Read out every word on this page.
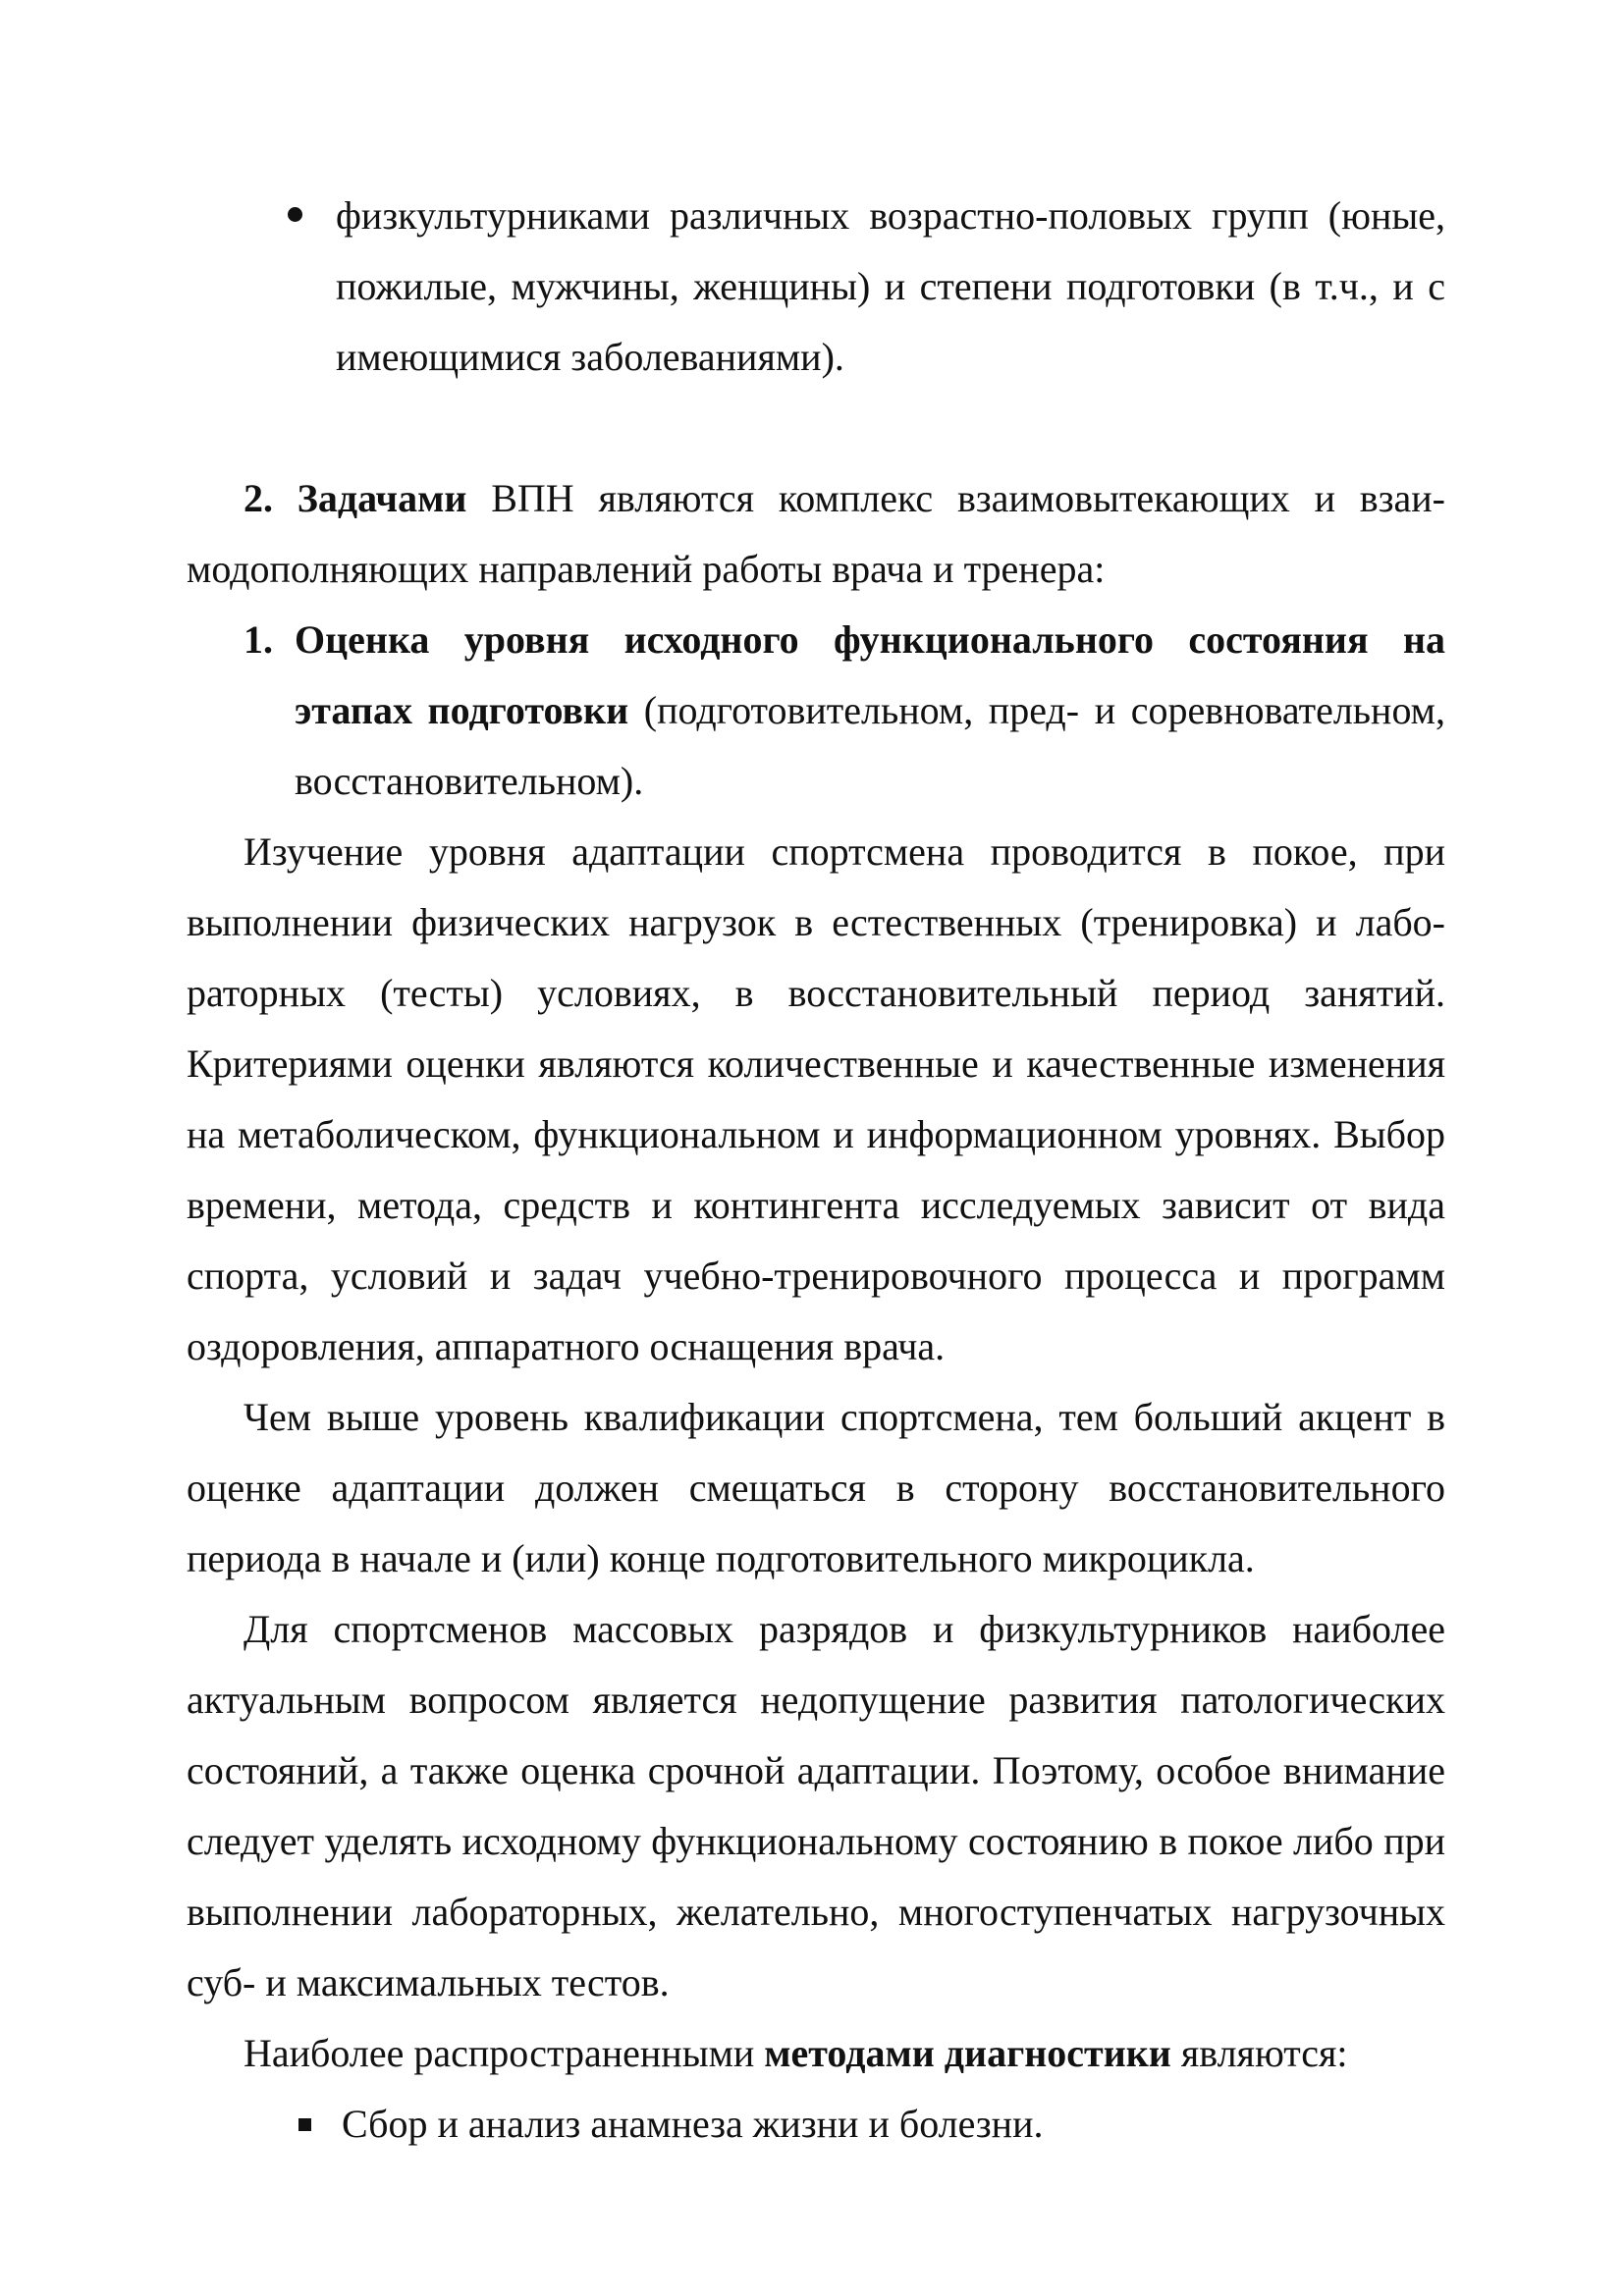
физкультурниками различных возрастно-половых групп (юные, пожилые, мужчины, женщины) и степени подготовки (в т.ч., и с имеющимися заболеваниями).

2. Задачами ВПН являются комплекс взаимовытекающих и взаимодополняющих направлений работы врача и тренера:

1. Оценка уровня исходного функционального состояния на этапах подготовки (подготовительном, пред- и соревновательном, восстановительном).

Изучение уровня адаптации спортсмена проводится в покое, при выполнении физических нагрузок в естественных (тренировка) и лабораторных (тесты) условиях, в восстановительный период занятий. Критериями оценки являются количественные и качественные изменения на метаболическом, функциональном и информационном уровнях. Выбор времени, метода, средств и контингента исследуемых зависит от вида спорта, условий и задач учебно-тренировочного процесса и программ оздоровления, аппаратного оснащения врача.

Чем выше уровень квалификации спортсмена, тем больший акцент в оценке адаптации должен смещаться в сторону восстановительного периода в начале и (или) конце подготовительного микроцикла.

Для спортсменов массовых разрядов и физкультурников наиболее актуальным вопросом является недопущение развития патологических состояний, а также оценка срочной адаптации. Поэтому, особое внимание следует уделять исходному функциональному состоянию в покое либо при выполнении лабораторных, желательно, многоступенчатых нагрузочных суб- и максимальных тестов.

Наиболее распространенными методами диагностики являются:

Сбор и анализ анамнеза жизни и болезни.
